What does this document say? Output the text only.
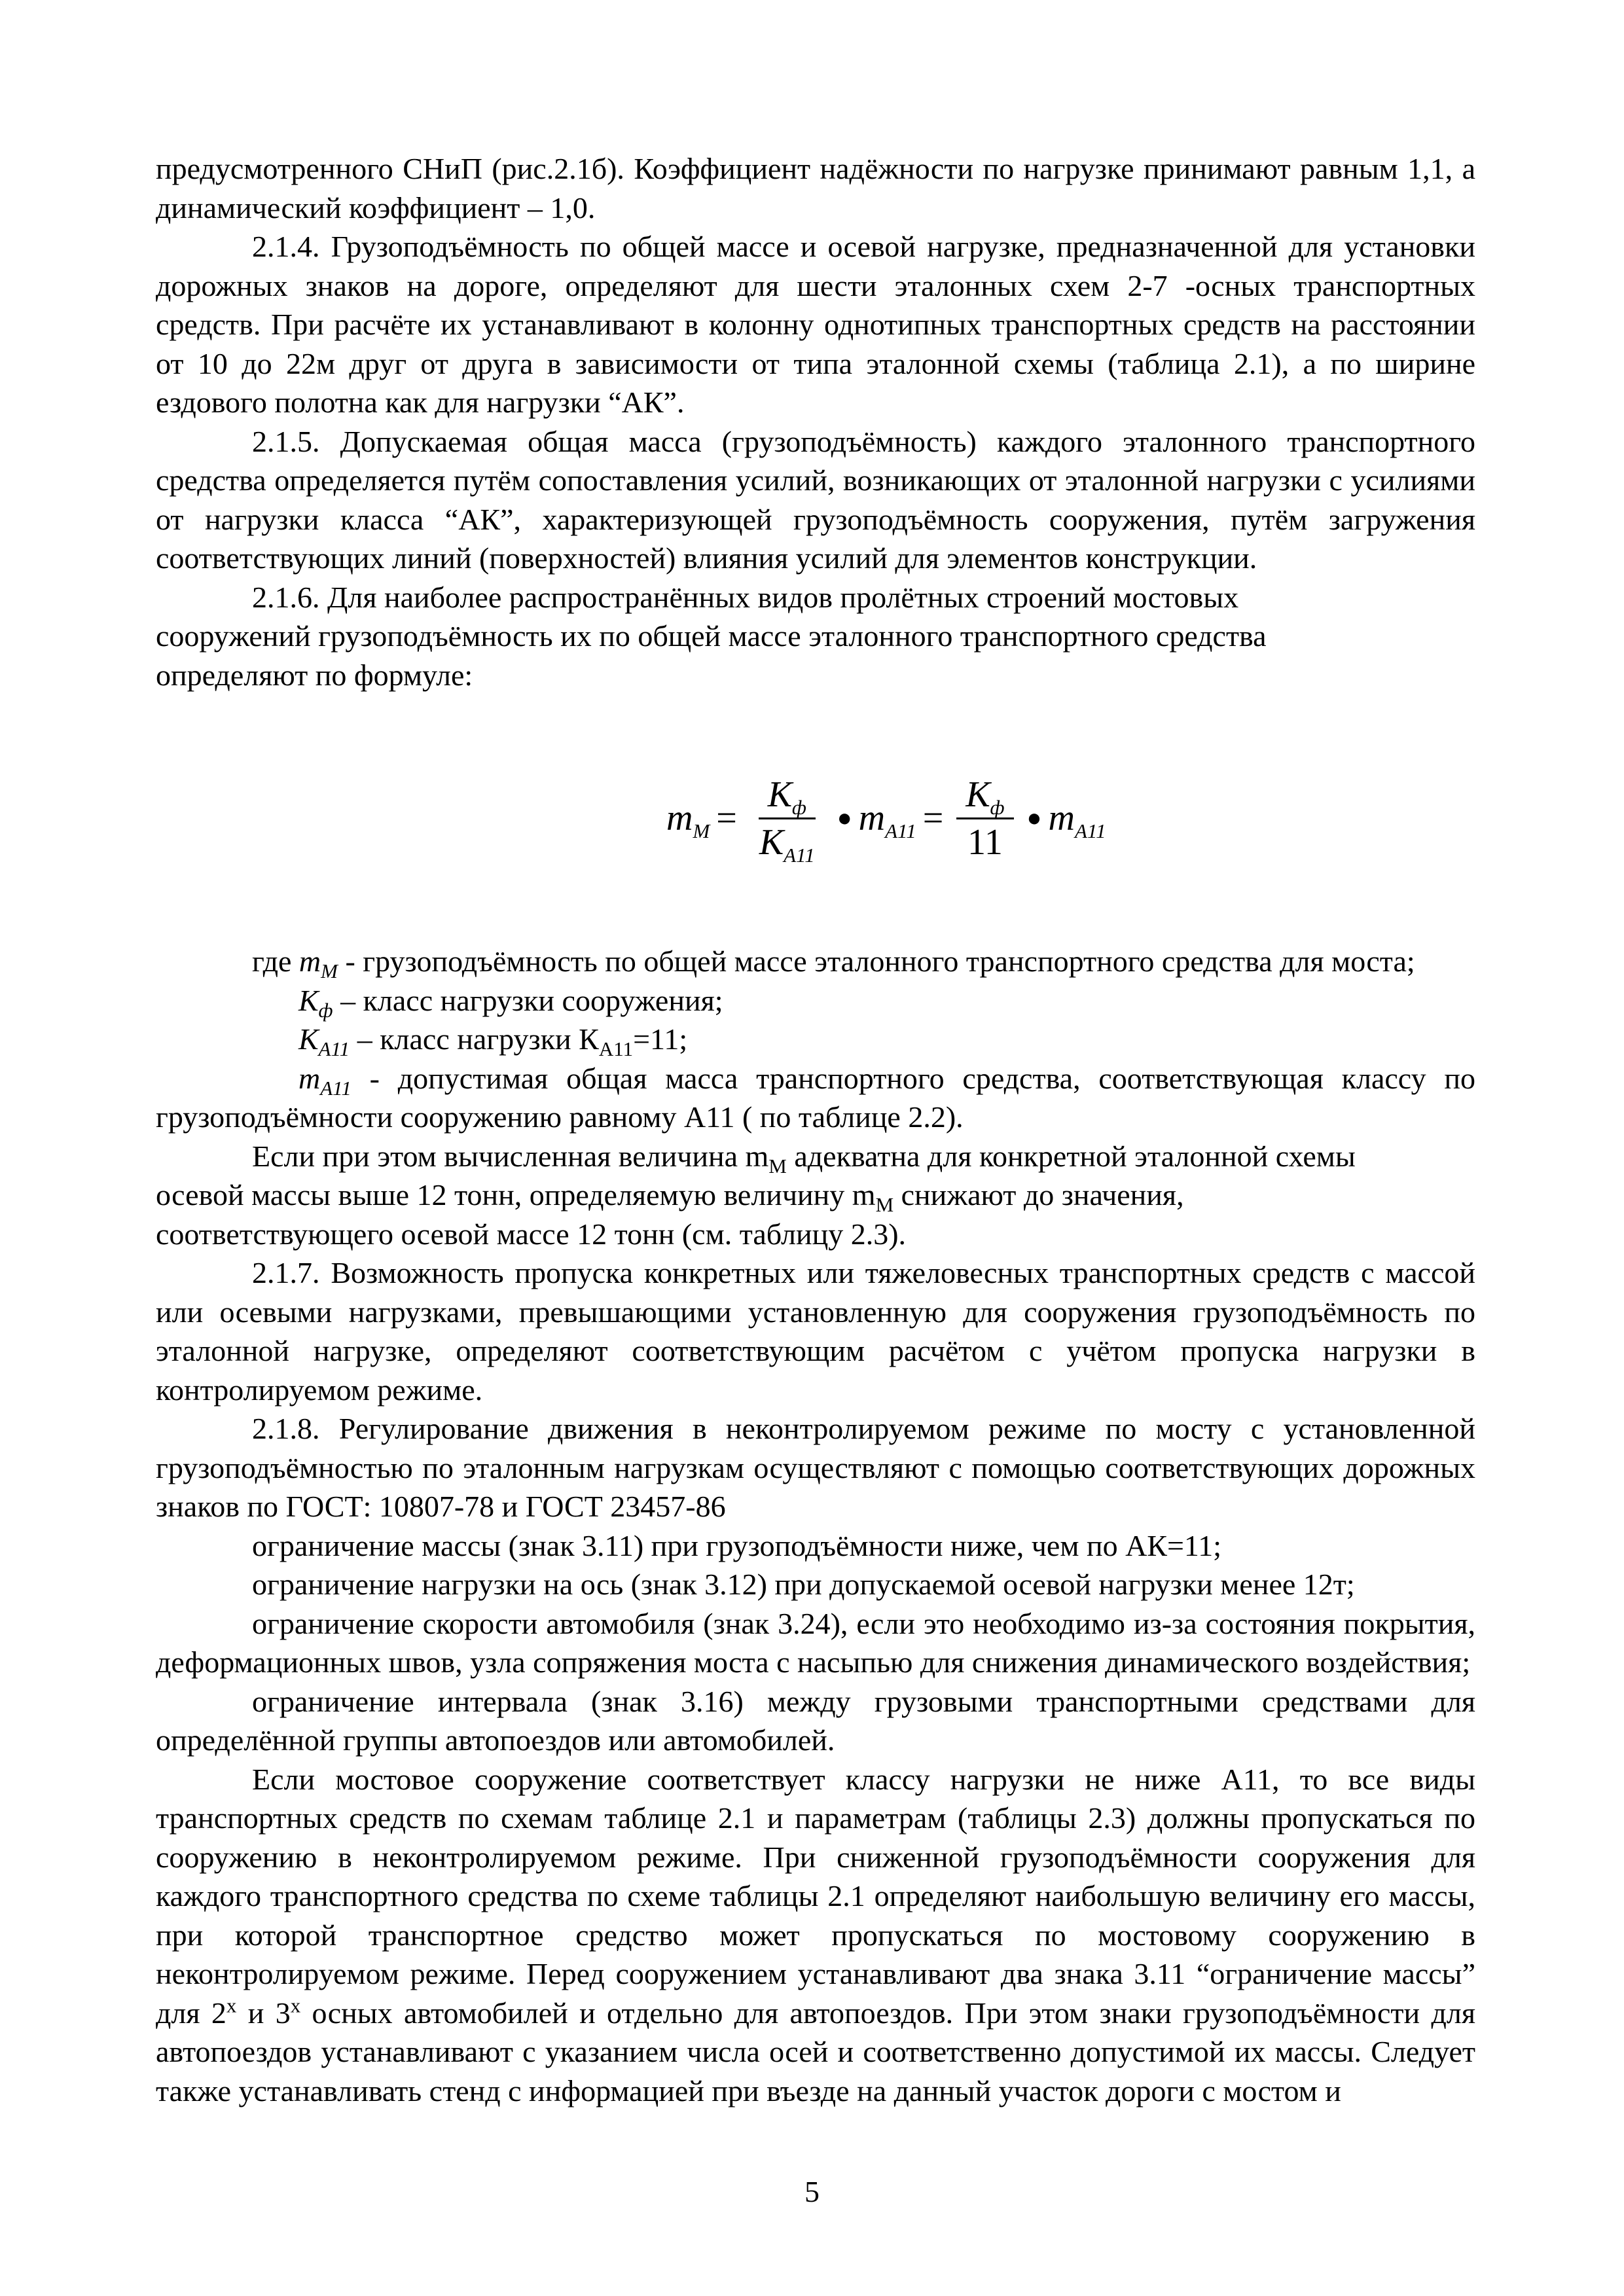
предусмотренного СНиП (рис.2.1б). Коэффициент надёжности по нагрузке принимают равным 1,1, а динамический коэффициент – 1,0.

2.1.4. Грузоподъёмность по общей массе и осевой нагрузке, предназначенной для установки дорожных знаков на дороге, определяют для шести эталонных схем 2-7 -осных транспортных средств. При расчёте их устанавливают в колонну однотипных транспортных средств на расстоянии от 10 до 22м друг от друга в зависимости от типа эталонной схемы (таблица 2.1), а по ширине ездового полотна как для нагрузки “АК”.

2.1.5. Допускаемая общая масса (грузоподъёмность) каждого эталонного транспортного средства определяется путём сопоставления усилий, возникающих от эталонной нагрузки с усилиями от нагрузки класса “АК”, характеризующей грузоподъёмность сооружения, путём загружения соответствующих линий (поверхностей) влияния усилий для элементов конструкции.

2.1.6. Для наиболее распространённых видов пролётных строений мостовых

сооружений грузоподъёмность их по общей массе эталонного транспортного средства

определяют по формуле:

$m_M = \frac{К_ф}{К_{А11}}$ ● $m_{А11} = \frac{К_ф}{11}$ ● $m_{А11}$

где $m_M$ - грузоподъёмность по общей массе эталонного транспортного средства для моста;

$К_ф$ – класс нагрузки сооружения;

$К_{А11}$ – класс нагрузки $К_{А11}=11$;

$m_{A11}$ - допустимая общая масса транспортного средства, соответствующая классу по грузоподъёмности сооружению равному А11 ( по таблице 2.2).

Если при этом вычисленная величина $m_M$ адекватна для конкретной эталонной схемы

осевой массы выше 12 тонн, определяемую величину $m_M$ снижают до значения,

соответствующего осевой массе 12 тонн (см. таблицу 2.3).

2.1.7. Возможность пропуска конкретных или тяжеловесных транспортных средств с массой или осевыми нагрузками, превышающими установленную для сооружения грузоподъёмность по эталонной нагрузке, определяют соответствующим расчётом с учётом пропуска нагрузки в контролируемом режиме.

2.1.8. Регулирование движения в неконтролируемом режиме по мосту с установленной грузоподъёмностью по эталонным нагрузкам осуществляют с помощью соответствующих дорожных знаков по ГОСТ: 10807-78 и ГОСТ 23457-86

ограничение массы (знак 3.11) при грузоподъёмности ниже, чем по АК=11;

ограничение нагрузки на ось (знак 3.12) при допускаемой осевой нагрузки менее 12т;

ограничение скорости автомобиля (знак 3.24), если это необходимо из-за состояния покрытия, деформационных швов, узла сопряжения моста с насыпью для снижения динамического воздействия;

ограничение интервала (знак 3.16) между грузовыми транспортными средствами для определённой группы автопоездов или автомобилей.

Если мостовое сооружение соответствует классу нагрузки не ниже А11, то все виды транспортных средств по схемам таблице 2.1 и параметрам (таблицы 2.3) должны пропускаться по сооружению в неконтролируемом режиме. При сниженной грузоподъёмности сооружения для каждого транспортного средства по схеме таблицы 2.1 определяют наибольшую величину его массы, при которой транспортное средство может пропускаться по мостовому сооружению в неконтролируемом режиме. Перед сооружением устанавливают два знака 3.11 “ограничение массы” для $2^х$ и $3^х$ осных автомобилей и отдельно для автопоездов. При этом знаки грузоподъёмности для автопоездов устанавливают с указанием числа осей и соответственно допустимой их массы. Следует также устанавливать стенд с информацией при въезде на данный участок дороги с мостом и

5
